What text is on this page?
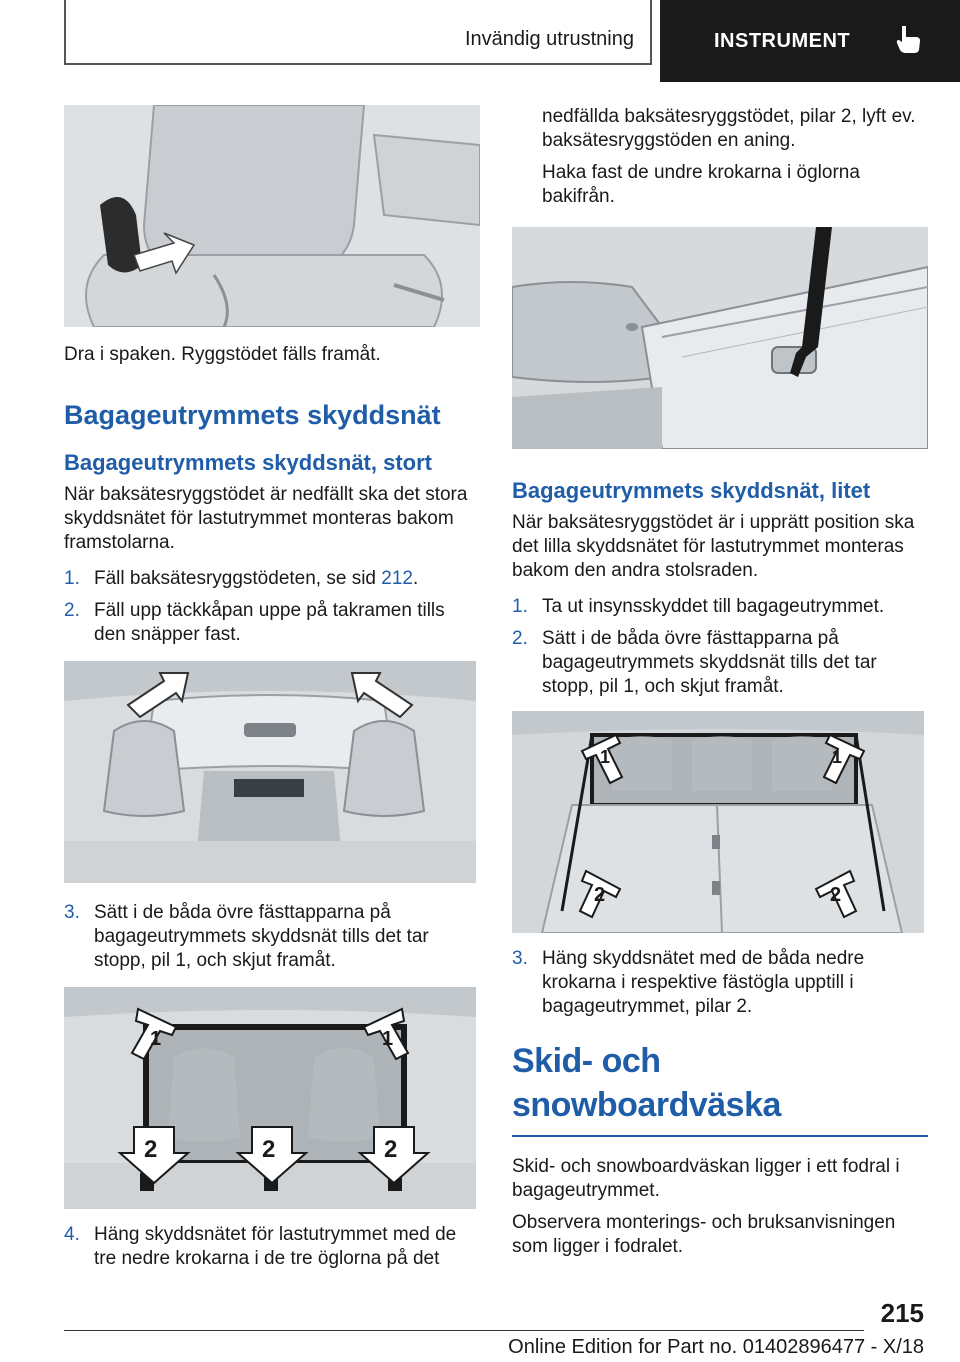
Invändig utrustning	INSTRUMENT

Dra i spaken. Ryggstödet fälls framåt.

Bagageutrymmets skyddsnät
Bagageutrymmets skyddsnät, stort

När baksätesryggstödet är nedfällt ska det stora skyddsnätet för lastutrymmet monteras bakom framstolarna.

1. Fäll baksätesryggstödeten, se sid 212.
2. Fäll upp täckkåpan uppe på takramen tills den snäpper fast.
3. Sätt i de båda övre fästtapparna på bagageutrymmets skyddsnät tills det tar stopp, pil 1, och skjut framåt.
1	1
2	2	2
4. Häng skyddsnätet för lastutrymmet med de tre nedre krokarna i de tre öglorna på det

nedfällda baksätesryggstödet, pilar 2, lyft ev. baksätesryggstöden en aning.

Haka fast de undre krokarna i öglorna bakifrån.

Bagageutrymmets skyddsnät, litet

När baksätesryggstödet är i upprätt position ska det lilla skyddsnätet för lastutrymmet monteras bakom den andra stolsraden.

1. Ta ut insynsskyddet till bagageutrymmet.
2. Sätt i de båda övre fästtapparna på bagageutrymmets skyddsnät tills det tar stopp, pil 1, och skjut framåt.
1	1
2	2
3. Häng skyddsnätet med de båda nedre krokarna i respektive fästögla upptill i bagageutrymmet, pilar 2.
Skid- och snowboardväska

Skid- och snowboardväskan ligger i ett fodral i bagageutrymmet.

Observera monterings- och bruksanvisningen som ligger i fodralet.

215
Online Edition for Part no. 01402896477 - X/18
